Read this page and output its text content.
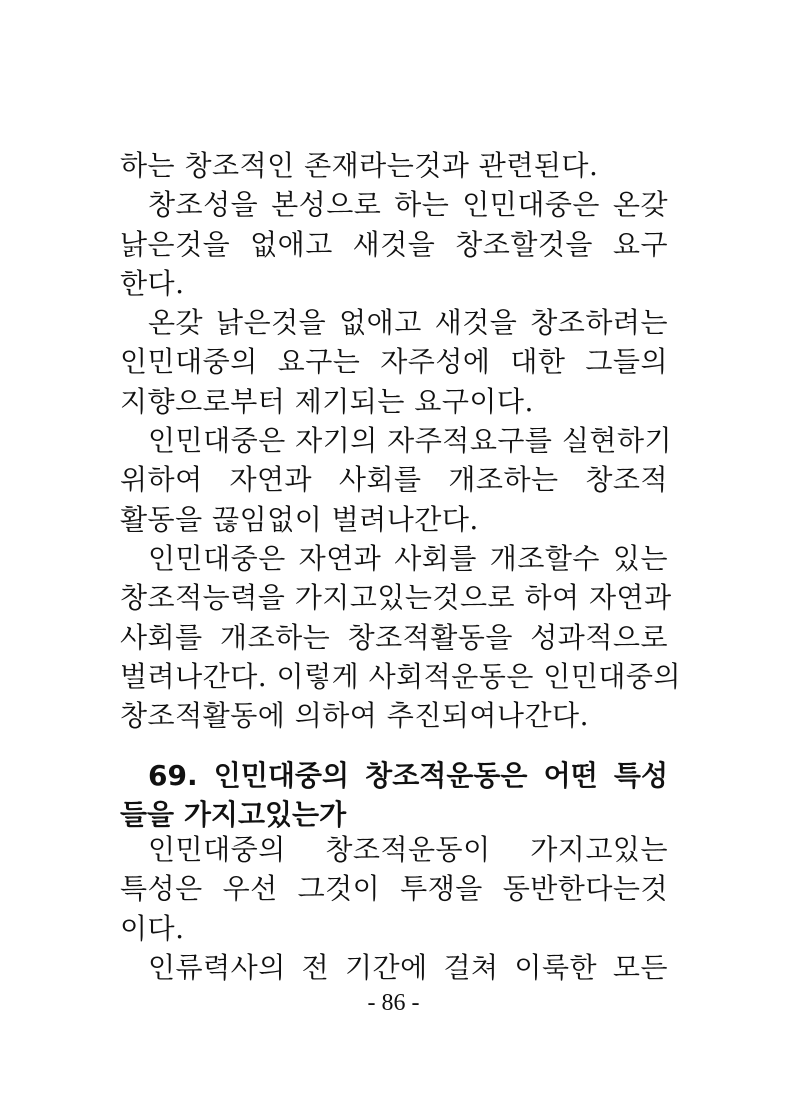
하는 창조적인 존재라는것과 관련된다.

창조성을 본성으로 하는 인민대중은 온갖
낡은것을 없애고 새것을 창조할것을 요구
한다.

온갖 낡은것을 없애고 새것을 창조하려는
인민대중의 요구는 자주성에 대한 그들의
지향으로부터 제기되는 요구이다.

인민대중은 자기의 자주적요구를 실현하기
위하여 자연과 사회를 개조하는 창조적
활동을 끊임없이 벌려나간다.

인민대중은 자연과 사회를 개조할수 있는
창조적능력을 가지고있는것으로 하여 자연과
사회를 개조하는 창조적활동을 성과적으로
벌려나간다. 이렇게 사회적운동은 인민대중의
창조적활동에 의하여 추진되여나간다.

69. 인민대중의 창조적운동은 어떤 특성
들을 가지고있는가

인민대중의 창조적운동이 가지고있는
특성은 우선 그것이 투쟁을 동반한다는것
이다.

인류력사의 전 기간에 걸쳐 이룩한 모든

- 86 -
